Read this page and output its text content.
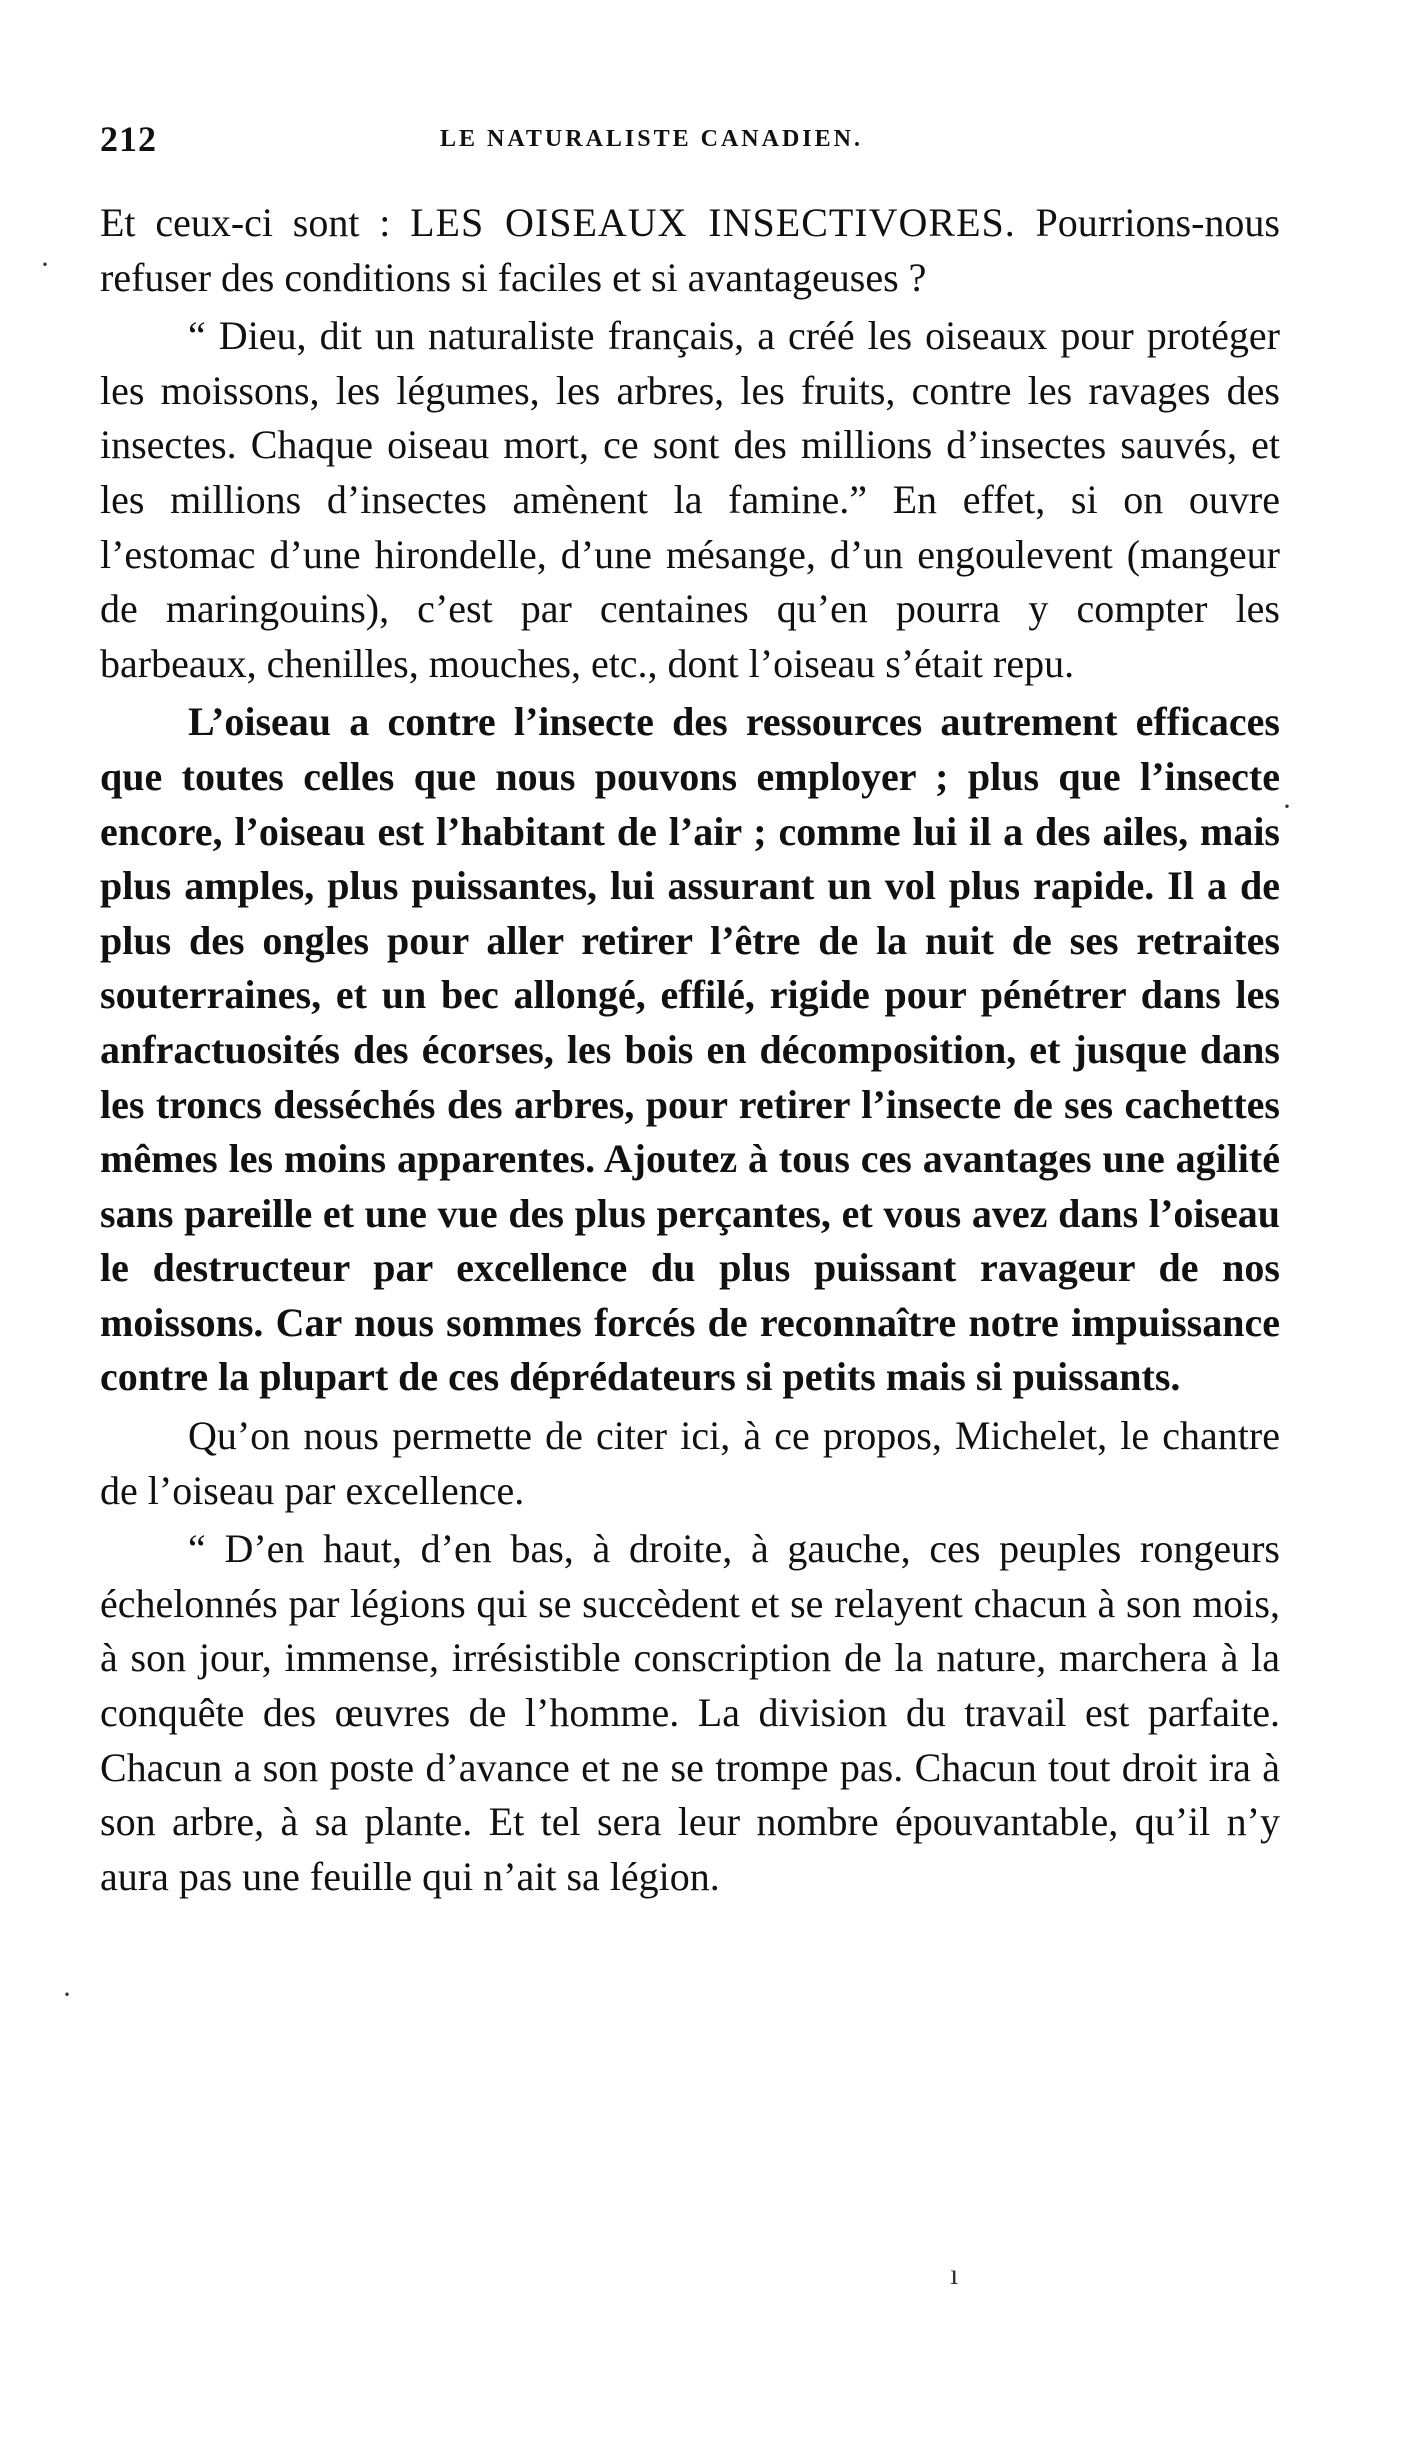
212	LE NATURALISTE CANADIEN.

Et ceux-ci sont : LES OISEAUX INSECTIVORES. Pourrions-nous refuser des conditions si faciles et si avantageuses ?

“ Dieu, dit un naturaliste français, a créé les oiseaux pour protéger les moissons, les légumes, les arbres, les fruits, contre les ravages des insectes. Chaque oiseau mort, ce sont des millions d’insectes sauvés, et les millions d’insectes amènent la famine.” En effet, si on ouvre l’estomac d’une hirondelle, d’une mésange, d’un engoulevent (mangeur de maringouins), c’est par centaines qu’en pourra y compter les barbeaux, chenilles, mouches, etc., dont l’oiseau s’était repu.

L’oiseau a contre l’insecte des ressources autrement efficaces que toutes celles que nous pouvons employer ; plus que l’insecte encore, l’oiseau est l’habitant de l’air ; comme lui il a des ailes, mais plus amples, plus puissantes, lui assurant un vol plus rapide. Il a de plus des ongles pour aller retirer l’être de la nuit de ses retraites souterraines, et un bec allongé, effilé, rigide pour pénétrer dans les anfractuosités des écorses, les bois en décomposition, et jusque dans les troncs desséchés des arbres, pour retirer l’insecte de ses cachettes mêmes les moins apparentes. Ajoutez à tous ces avantages une agilité sans pareille et une vue des plus perçantes, et vous avez dans l’oiseau le destructeur par excellence du plus puissant ravageur de nos moissons. Car nous sommes forcés de reconnaître notre impuissance contre la plupart de ces déprédateurs si petits mais si puissants.

Qu’on nous permette de citer ici, à ce propos, Michelet, le chantre de l’oiseau par excellence.

“ D’en haut, d’en bas, à droite, à gauche, ces peuples rongeurs échelonnés par légions qui se succèdent et se relayent chacun à son mois, à son jour, immense, irrésistible conscription de la nature, marchera à la conquête des œuvres de l’homme. La division du travail est parfaite. Chacun a son poste d’avance et ne se trompe pas. Chacun tout droit ira à son arbre, à sa plante. Et tel sera leur nombre épouvantable, qu’il n’y aura pas une feuille qui n’ait sa légion.

·
·
·
ı
